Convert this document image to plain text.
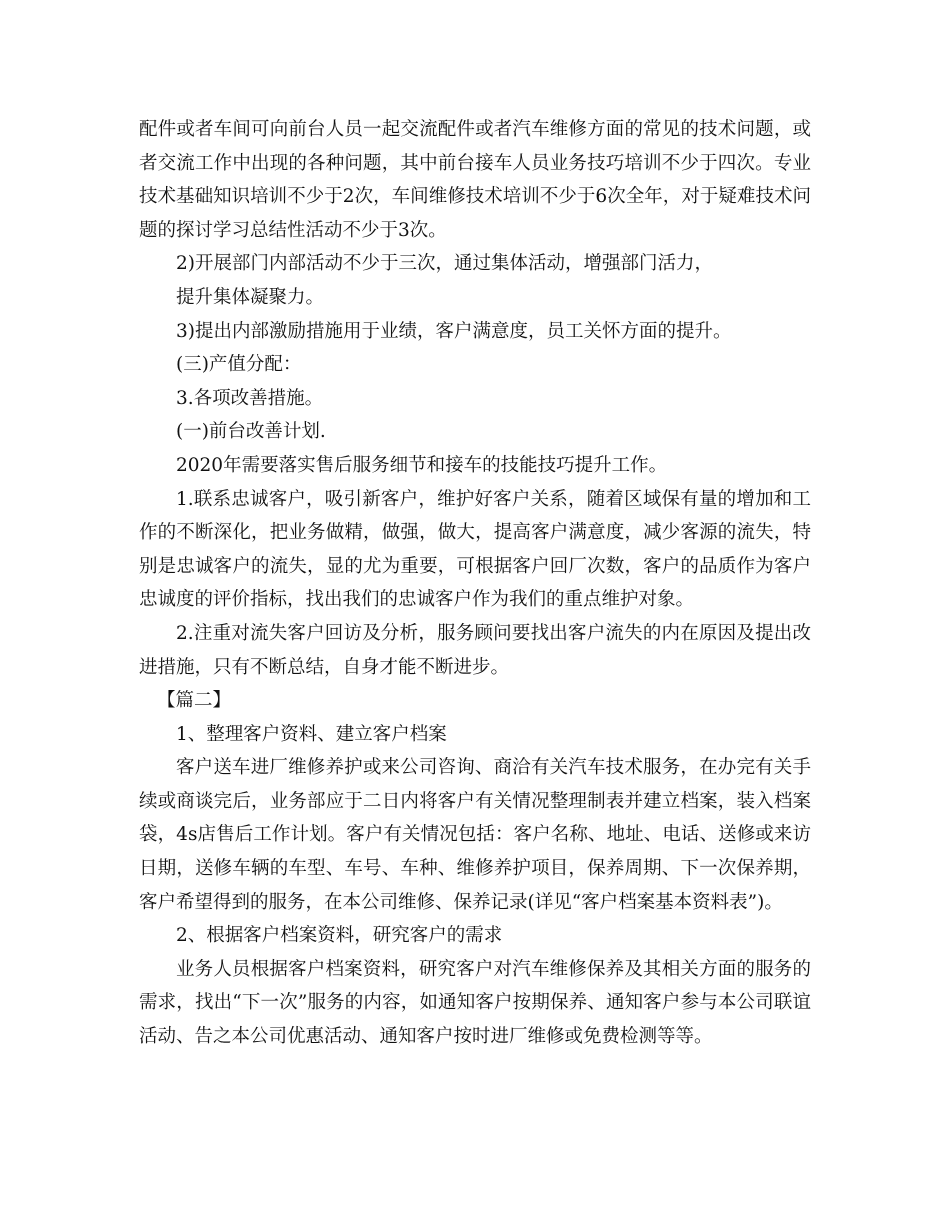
配件或者车间可向前台人员一起交流配件或者汽车维修方面的常见的技术问题，或者交流工作中出现的各种问题，其中前台接车人员业务技巧培训不少于四次。专业技术基础知识培训不少于2次，车间维修技术培训不少于6次全年，对于疑难技术问题的探讨学习总结性活动不少于3次。

2)开展部门内部活动不少于三次，通过集体活动，增强部门活力，

提升集体凝聚力。

3)提出内部激励措施用于业绩，客户满意度，员工关怀方面的提升。

(三)产值分配：

3.各项改善措施。

(一)前台改善计划.

2020年需要落实售后服务细节和接车的技能技巧提升工作。

1.联系忠诚客户，吸引新客户，维护好客户关系，随着区域保有量的增加和工作的不断深化，把业务做精，做强，做大，提高客户满意度，减少客源的流失，特别是忠诚客户的流失，显的尤为重要，可根据客户回厂次数，客户的品质作为客户忠诚度的评价指标，找出我们的忠诚客户作为我们的重点维护对象。

2.注重对流失客户回访及分析，服务顾问要找出客户流失的内在原因及提出改进措施，只有不断总结，自身才能不断进步。

【篇二】

1、整理客户资料、建立客户档案

客户送车进厂维修养护或来公司咨询、商洽有关汽车技术服务，在办完有关手续或商谈完后，业务部应于二日内将客户有关情况整理制表并建立档案，装入档案袋，4s店售后工作计划。客户有关情况包括：客户名称、地址、电话、送修或来访日期，送修车辆的车型、车号、车种、维修养护项目，保养周期、下一次保养期，客户希望得到的服务，在本公司维修、保养记录(详见“客户档案基本资料表”)。

2、根据客户档案资料，研究客户的需求

业务人员根据客户档案资料，研究客户对汽车维修保养及其相关方面的服务的需求，找出“下一次”服务的内容，如通知客户按期保养、通知客户参与本公司联谊活动、告之本公司优惠活动、通知客户按时进厂维修或免费检测等等。
